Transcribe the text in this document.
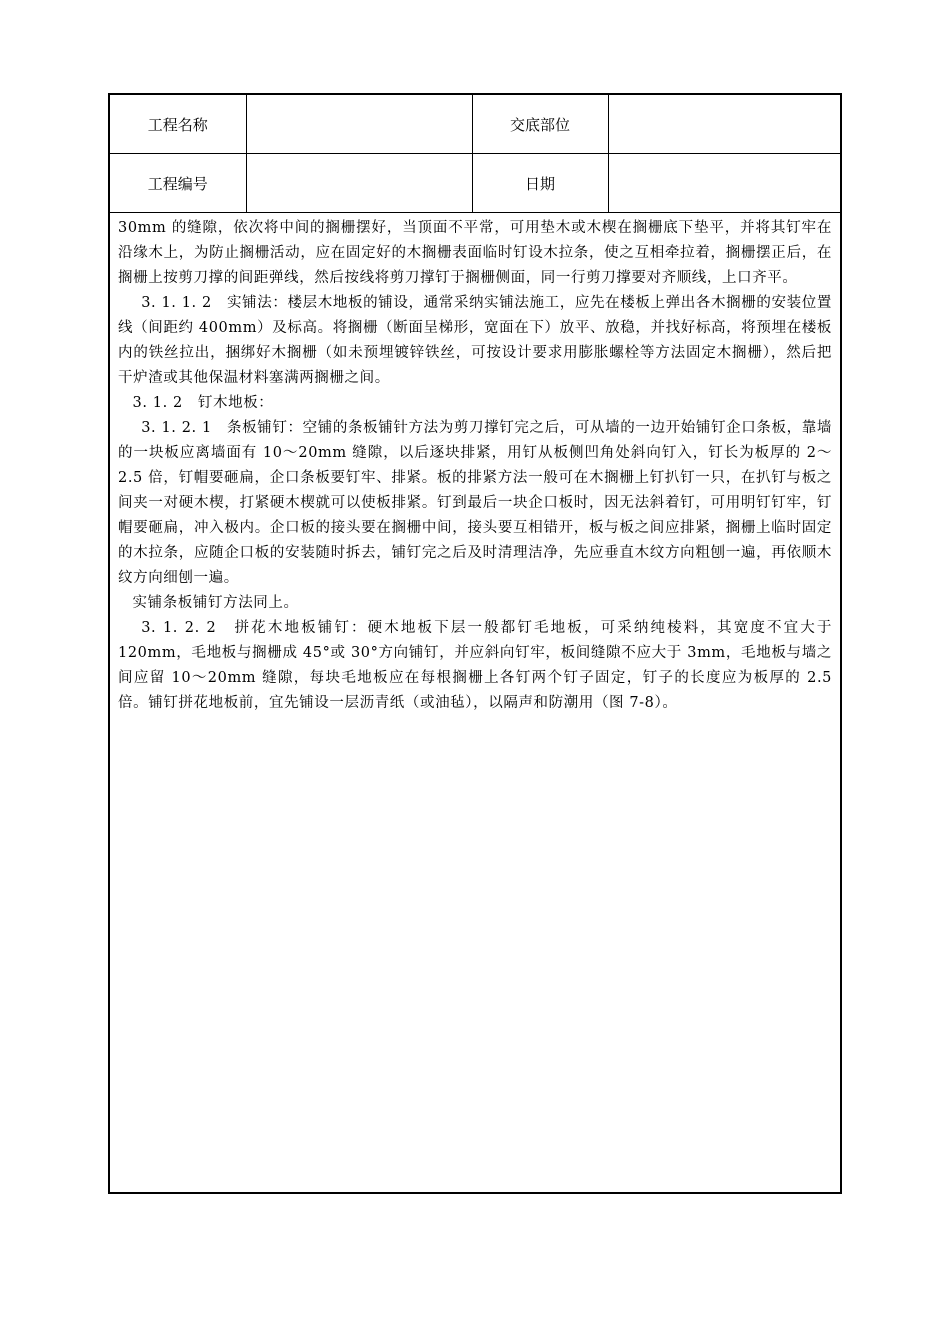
工程名称		交底部位	
工程编号		日期	

30mm 的缝隙，依次将中间的搁栅摆好，当顶面不平常，可用垫木或木楔在搁栅底下垫平，并将其钉牢在沿缘木上，为防止搁栅活动，应在固定好的木搁栅表面临时钉设木拉条，使之互相牵拉着，搁栅摆正后，在搁栅上按剪刀撑的间距弹线，然后按线将剪刀撑钉于搁栅侧面，同一行剪刀撑要对齐顺线，上口齐平。

3. 1. 1. 2　实铺法：楼层木地板的铺设，通常采纳实铺法施工，应先在楼板上弹出各木搁栅的安装位置线（间距约 400mm）及标高。将搁栅（断面呈梯形，宽面在下）放平、放稳，并找好标高，将预埋在楼板内的铁丝拉出，捆绑好木搁栅（如未预埋镀锌铁丝，可按设计要求用膨胀螺栓等方法固定木搁栅），然后把干炉渣或其他保温材料塞满两搁栅之间。

3. 1. 2　钉木地板：

3. 1. 2. 1　条板铺钉：空铺的条板铺针方法为剪刀撑钉完之后，可从墙的一边开始铺钉企口条板，靠墙的一块板应离墙面有 10～20mm 缝隙，以后逐块排紧，用钉从板侧凹角处斜向钉入，钉长为板厚的 2～2.5 倍，钉帽要砸扁，企口条板要钉牢、排紧。板的排紧方法一般可在木搁栅上钉扒钉一只，在扒钉与板之间夹一对硬木楔，打紧硬木楔就可以使板排紧。钉到最后一块企口板时，因无法斜着钉，可用明钉钉牢，钉帽要砸扁，冲入极内。企口板的接头要在搁栅中间，接头要互相错开，板与板之间应排紧，搁栅上临时固定的木拉条，应随企口板的安装随时拆去，铺钉完之后及时清理洁净，先应垂直木纹方向粗刨一遍，再依顺木纹方向细刨一遍。

实铺条板铺钉方法同上。

3. 1. 2. 2　拼花木地板铺钉：硬木地板下层一般都钉毛地板，可采纳纯棱料，其宽度不宜大于 120mm，毛地板与搁栅成 45°或 30°方向铺钉，并应斜向钉牢，板间缝隙不应大于 3mm，毛地板与墙之间应留 10～20mm 缝隙，每块毛地板应在每根搁栅上各钉两个钉子固定，钉子的长度应为板厚的 2.5 倍。铺钉拼花地板前，宜先铺设一层沥青纸（或油毡），以隔声和防潮用（图 7-8）。
